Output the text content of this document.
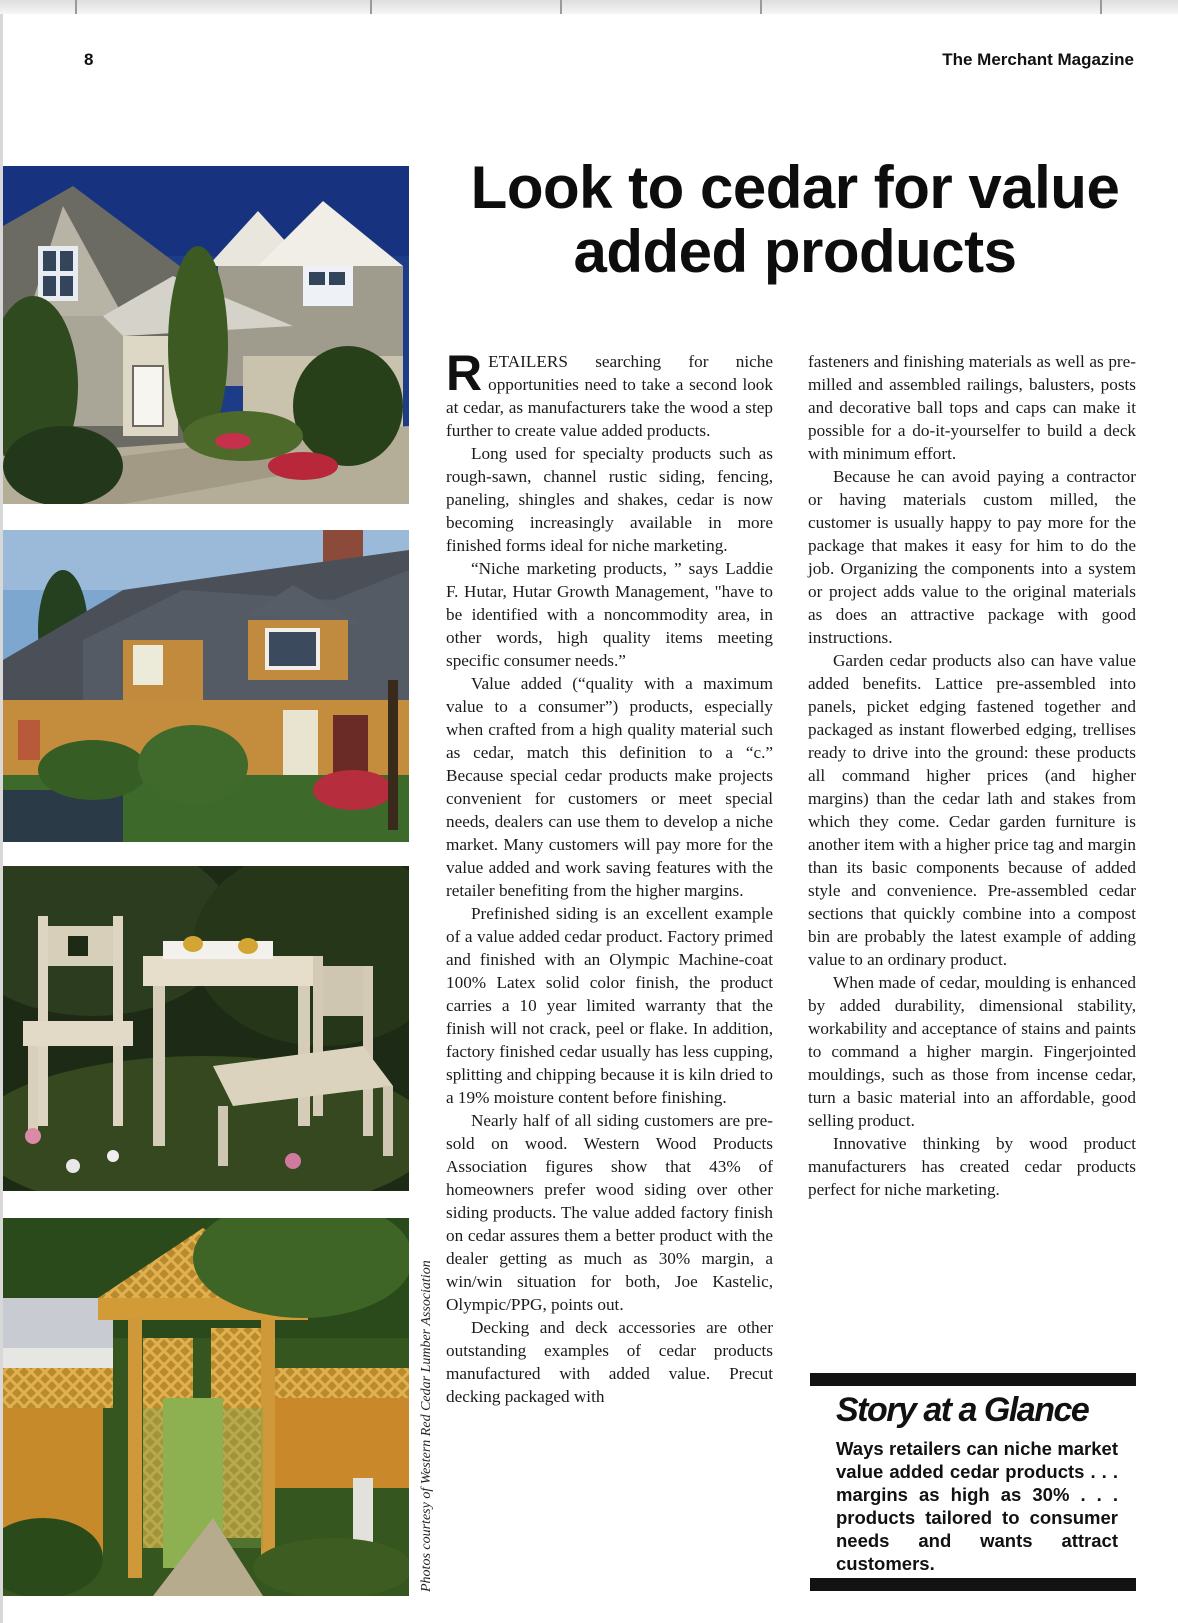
8	The Merchant Magazine
Photos courtesy of Western Red Cedar Lumber Association
Look to cedar for value added products

RETAILERS searching for niche opportunities need to take a second look at cedar, as manufacturers take the wood a step further to create value added products.

Long used for specialty products such as rough-sawn, channel rustic siding, fencing, paneling, shingles and shakes, cedar is now becoming increasingly available in more finished forms ideal for niche marketing.

“Niche marketing products, ” says Laddie F. Hutar, Hutar Growth Management, "have to be identified with a noncommodity area, in other words, high quality items meeting specific consumer needs.”

Value added (“quality with a maximum value to a consumer”) products, especially when crafted from a high quality material such as cedar, match this definition to a “c.” Because special cedar products make projects convenient for customers or meet special needs, dealers can use them to develop a niche market. Many customers will pay more for the value added and work saving features with the retailer benefiting from the higher margins.

Prefinished siding is an excellent example of a value added cedar product. Factory primed and finished with an Olympic Machine-coat 100% Latex solid color finish, the product carries a 10 year limited warranty that the finish will not crack, peel or flake. In addition, factory finished cedar usually has less cupping, splitting and chipping because it is kiln dried to a 19% moisture content before finishing.

Nearly half of all siding customers are pre-sold on wood. Western Wood Products Association figures show that 43% of homeowners prefer wood siding over other siding products. The value added factory finish on cedar assures them a better product with the dealer getting as much as 30% margin, a win/win situation for both, Joe Kastelic, Olympic/PPG, points out.

Decking and deck accessories are other outstanding examples of cedar products manufactured with added value. Precut decking packaged with

fasteners and finishing materials as well as pre-milled and assembled railings, balusters, posts and decorative ball tops and caps can make it possible for a do-it-yourselfer to build a deck with minimum effort.

Because he can avoid paying a contractor or having materials custom milled, the customer is usually happy to pay more for the package that makes it easy for him to do the job. Organizing the components into a system or project adds value to the original materials as does an attractive package with good instructions.

Garden cedar products also can have value added benefits. Lattice pre-assembled into panels, picket edging fastened together and packaged as instant flowerbed edging, trellises ready to drive into the ground: these products all command higher prices (and higher margins) than the cedar lath and stakes from which they come. Cedar garden furniture is another item with a higher price tag and margin than its basic components because of added style and convenience. Pre-assembled cedar sections that quickly combine into a compost bin are probably the latest example of adding value to an ordinary product.

When made of cedar, moulding is enhanced by added durability, dimensional stability, workability and acceptance of stains and paints to command a higher margin. Fingerjointed mouldings, such as those from incense cedar, turn a basic material into an affordable, good selling product.

Innovative thinking by wood product manufacturers has created cedar products perfect for niche marketing.

Story at a Glance
Ways retailers can niche market value added cedar products . . . margins as high as 30% . . . products tailored to consumer needs and wants attract customers.
